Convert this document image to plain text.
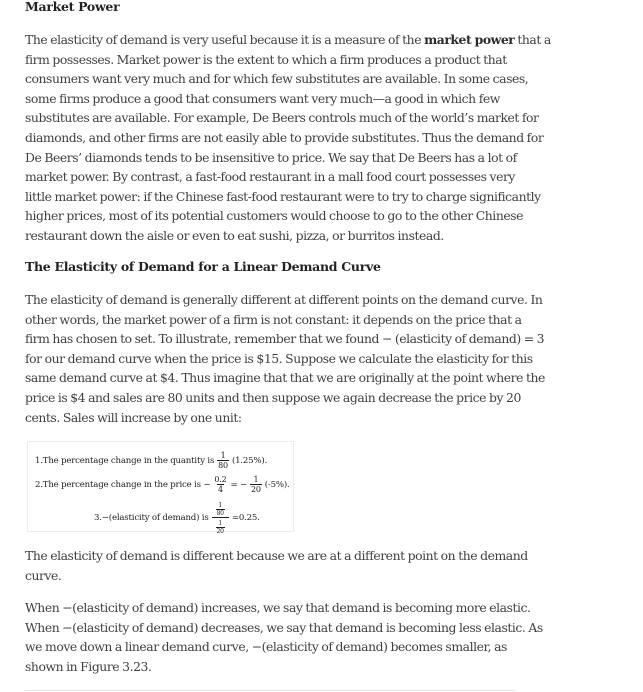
Market Power

The elasticity of demand is very useful because it is a measure of the market power that a
firm possesses. Market power is the extent to which a firm produces a product that
consumers want very much and for which few substitutes are available. In some cases,
some firms produce a good that consumers want very much—a good in which few
substitutes are available. For example, De Beers controls much of the world’s market for
diamonds, and other firms are not easily able to provide substitutes. Thus the demand for
De Beers’ diamonds tends to be insensitive to price. We say that De Beers has a lot of
market power. By contrast, a fast-food restaurant in a mall food court possesses very
little market power: if the Chinese fast-food restaurant were to try to charge significantly
higher prices, most of its potential customers would choose to go to the other Chinese
restaurant down the aisle or even to eat sushi, pizza, or burritos instead.

The Elasticity of Demand for a Linear Demand Curve

The elasticity of demand is generally different at different points on the demand curve. In
other words, the market power of a firm is not constant: it depends on the price that a
firm has chosen to set. To illustrate, remember that we found − (elasticity of demand) = 3
for our demand curve when the price is $15. Suppose we calculate the elasticity for this
same demand curve at $4. Thus imagine that that we are originally at the point where the
price is $4 and sales are 80 units and then suppose we again decrease the price by 20
cents. Sales will increase by one unit:

1.The percentage change in the quantity is $\frac{1}{80} (1.25\%)$.
2.The percentage change in the price is − $\frac{0.2}{4}$ = − $\frac{1}{20} (-5\%)$.
3.−(elasticity of demand) is $\frac{\frac{1}{80}}{\frac{1}{20}} =0.25$.

The elasticity of demand is different because we are at a different point on the demand
curve.

When −(elasticity of demand) increases, we say that demand is becoming more elastic.
When −(elasticity of demand) decreases, we say that demand is becoming less elastic. As
we move down a linear demand curve, −(elasticity of demand) becomes smaller, as
shown in Figure 3.23.
